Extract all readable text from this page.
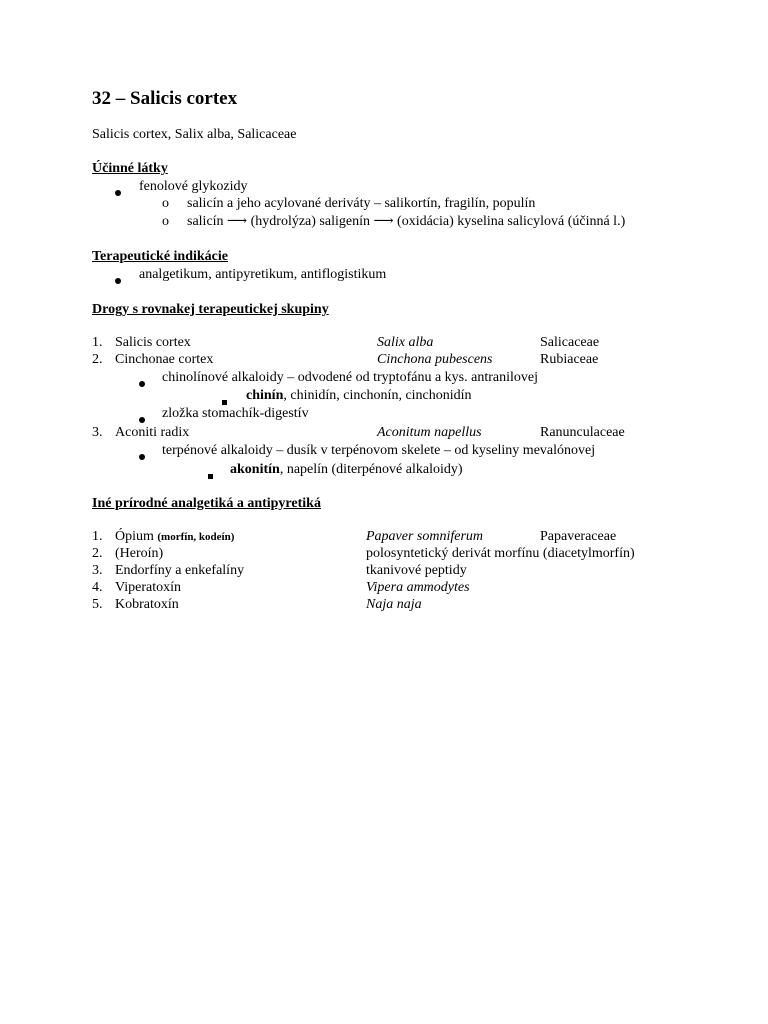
32 – Salicis cortex
Salicis cortex, Salix alba, Salicaceae
Účinné látky
fenolové glykozidy
o salicín a jeho acylované deriváty – salikortín, fragilín, populín
o salicín ⟶ (hydrolýza) saligenín ⟶ (oxidácia) kyselina salicylová (účinná l.)
Terapeutické indikácie
analgetikum, antipyretikum, antiflogistikum
Drogy s rovnakej terapeutickej skupiny
1. Salicis cortex	Salix alba	Salicaceae
2. Cinchonae cortex	Cinchona pubescens	Rubiaceae
chinolínové alkaloidy – odvodené od tryptofánu a kys. antranilovej
chinín, chinidín, cinchonín, cinchonidín
zložka stomachík-digestív
3. Aconiti radix	Aconitum napellus	Ranunculaceae
terpénové alkaloidy – dusík v terpénovom skelete – od kyseliny mevalónovej
akonitín, napelín (diterpénové alkaloidy)
Iné prírodné analgetiká a antipyretiká
1. Ópium (morfín, kodeín)	Papaver somniferum	Papaveraceae
2. (Heroín)	polosyntetický derivát morfínu (diacetylmorfín)
3. Endorfíny a enkefalíny	tkanivové peptidy
4. Viperatoxín	Vipera ammodytes
5. Kobratoxín	Naja naja
